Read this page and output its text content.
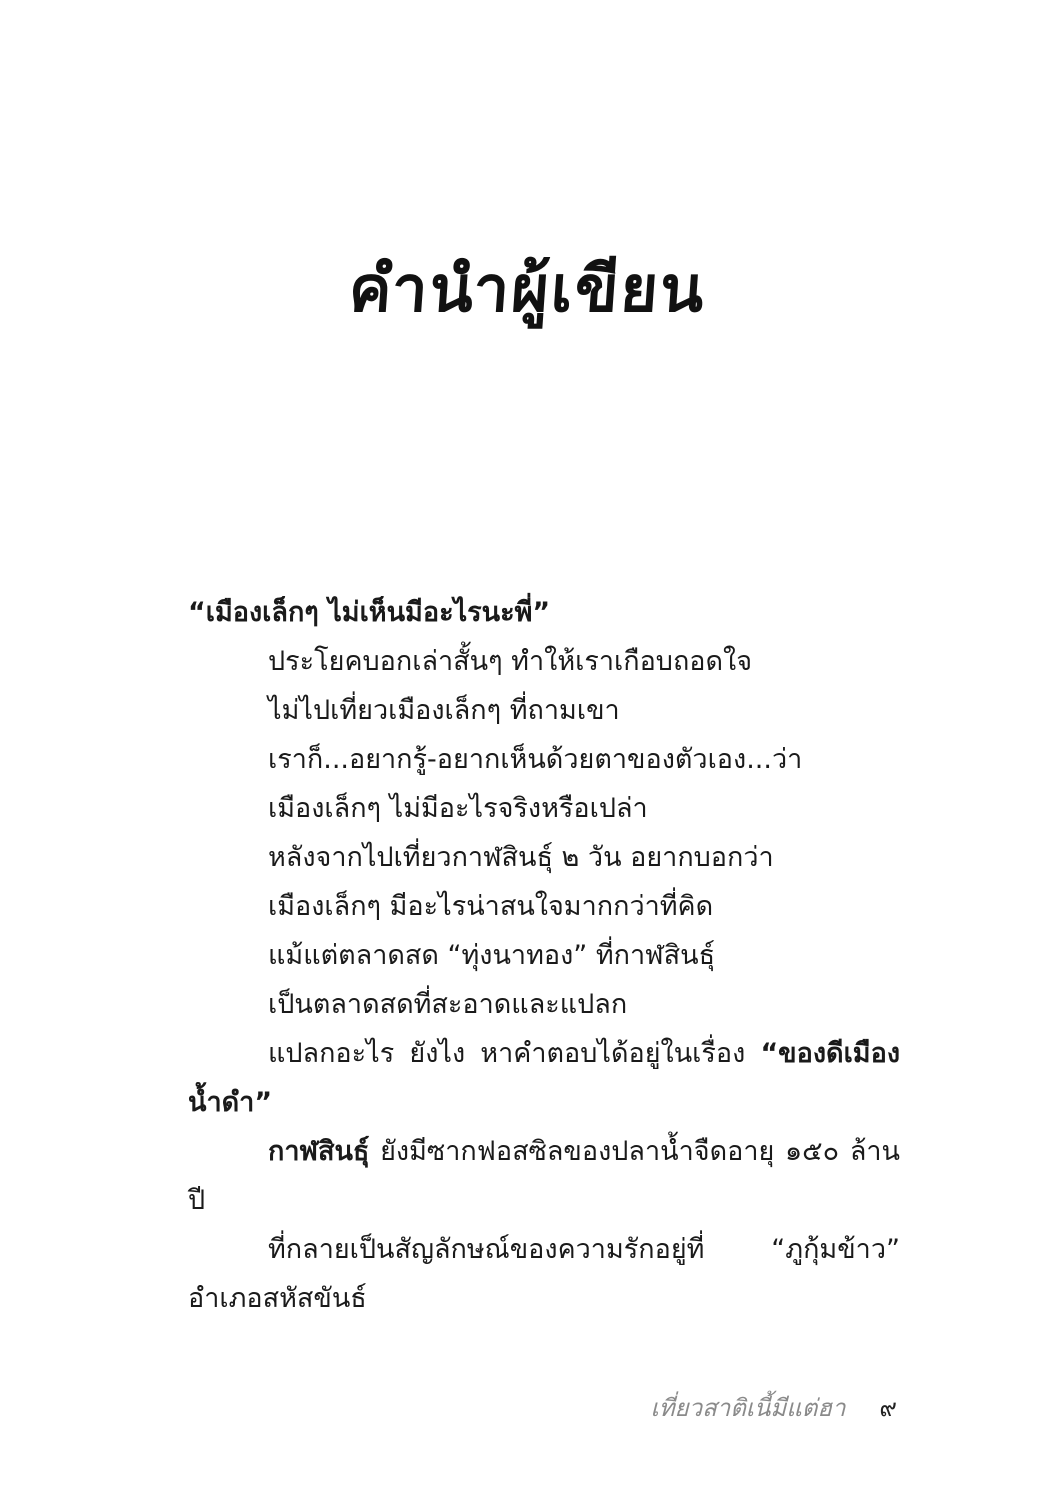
คำนำผู้เขียน
“เมืองเล็กๆ ไม่เห็นมีอะไรนะพี่”
ประโยคบอกเล่าสั้นๆ ทำให้เราเกือบถอดใจ
ไม่ไปเที่ยวเมืองเล็กๆ ที่ถามเขา
เราก็...อยากรู้-อยากเห็นด้วยตาของตัวเอง...ว่า
เมืองเล็กๆ ไม่มีอะไรจริงหรือเปล่า
หลังจากไปเที่ยวกาฬสินธุ์ ๒ วัน อยากบอกว่า
เมืองเล็กๆ มีอะไรน่าสนใจมากกว่าที่คิด
แม้แต่ตลาดสด “ทุ่งนาทอง” ที่กาฬสินธุ์
เป็นตลาดสดที่สะอาดและแปลก
แปลกอะไร ยังไง หาคำตอบได้อยู่ในเรื่อง “ของดีเมือง
น้ำดำ”
กาฬสินธุ์ ยังมีซากฟอสซิลของปลาน้ำจืดอายุ ๑๕๐ ล้าน
ปี
ที่กลายเป็นสัญลักษณ์ของความรักอยู่ที่ “ภูกุ้มข้าว”
อำเภอสหัสขันธ์
เที่ยวสาติเนี้มีแต่ฮา ๙
